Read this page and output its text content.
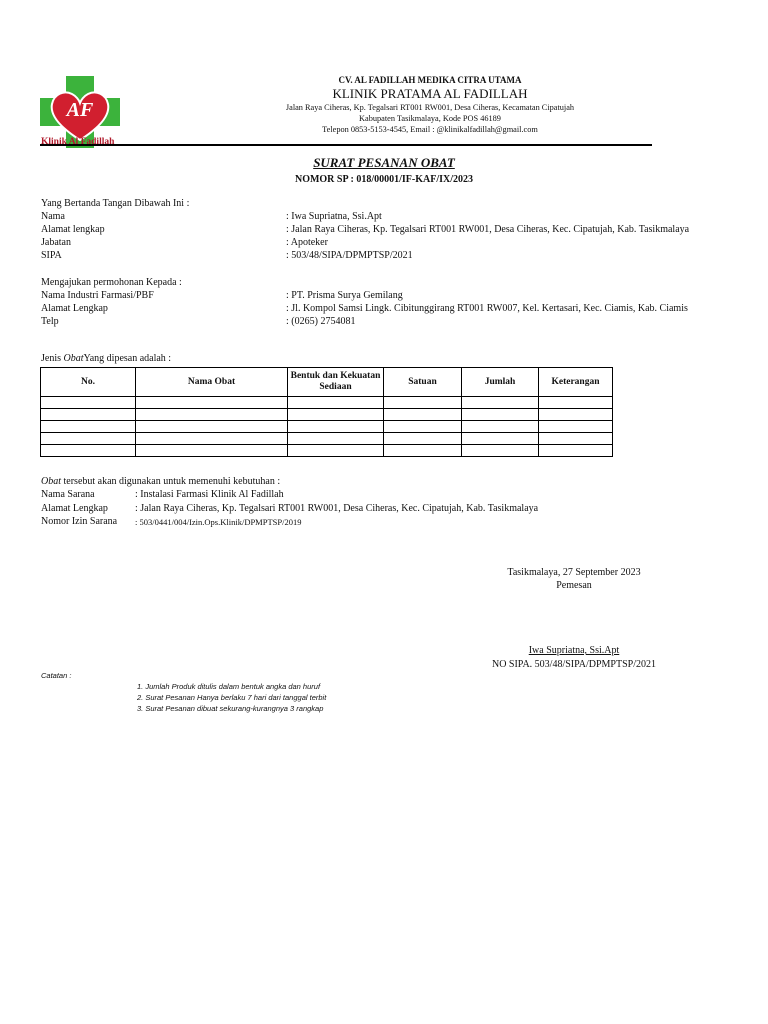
AF
Klinik Al Fadillah
CV. AL FADILLAH MEDIKA CITRA UTAMA
KLINIK PRATAMA AL FADILLAH
Jalan Raya Ciheras, Kp. Tegalsari RT001 RW001, Desa Ciheras, Kecamatan Cipatujah
Kabupaten Tasikmalaya, Kode POS 46189
Telepon 0853-5153-4545, Email : @klinikalfadillah@gmail.com
SURAT PESANAN OBAT
NOMOR SP : 018/00001/IF-KAF/IX/2023
Yang Bertanda Tangan Dibawah Ini :
Nama	: Iwa Supriatna, Ssi.Apt
Alamat lengkap	: Jalan Raya Ciheras, Kp. Tegalsari RT001 RW001, Desa Ciheras, Kec. Cipatujah, Kab. Tasikmalaya
Jabatan	: Apoteker
SIPA	: 503/48/SIPA/DPMPTSP/2021
Mengajukan permohonan Kepada :
Nama Industri Farmasi/PBF	: PT. Prisma Surya Gemilang
Alamat Lengkap	: Jl. Kompol Samsi Lingk. Cibitunggirang RT001 RW007, Kel. Kertasari, Kec. Ciamis, Kab. Ciamis
Telp	: (0265) 2754081
Jenis ObatYang dipesan adalah :
No.	Nama Obat	Bentuk dan Kekuatan Sediaan	Satuan	Jumlah	Keterangan

Obat tersebut akan digunakan untuk memenuhi kebutuhan :
Nama Sarana	: Instalasi Farmasi Klinik Al Fadillah
Alamat Lengkap	: Jalan Raya Ciheras, Kp. Tegalsari RT001 RW001, Desa Ciheras, Kec. Cipatujah, Kab. Tasikmalaya
Nomor Izin Sarana : 503/0441/004/Izin.Ops.Klinik/DPMPTSP/2019
Tasikmalaya, 27 September 2023
Pemesan
Iwa Supriatna, Ssi.Apt
NO SIPA. 503/48/SIPA/DPMPTSP/2021
Catatan :
1. Jumlah Produk ditulis dalam bentuk angka dan huruf
2. Surat Pesanan Hanya berlaku 7 hari dari tanggal terbit
3. Surat Pesanan dibuat sekurang-kurangnya 3 rangkap
